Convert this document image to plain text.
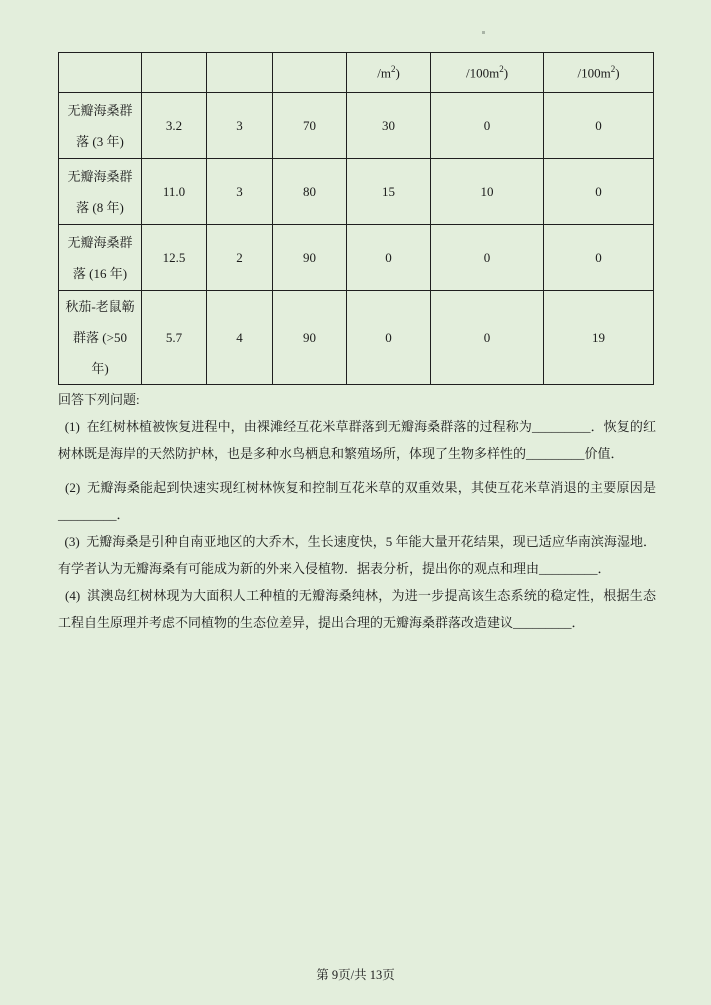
				$/m^2$)	$/100m^2$)	$/100m^2$)

无瓣海桑群
落 (3 年)	3.2	3	70	30	0	0

无瓣海桑群
落 (8 年)	11.0	3	80	15	10	0

无瓣海桑群
落 (16 年)	12.5	2	90	0	0	0

秋茄-老鼠簕
群落 (>50
年)	5.7	4	90	0	0	19

回答下列问题:

(1)  在红树林植被恢复进程中，由裸滩经互花米草群落到无瓣海桑群落的过程称为_________．恢复的红树林既是海岸的天然防护林，也是多种水鸟栖息和繁殖场所，体现了生物多样性的_________价值．

(2)  无瓣海桑能起到快速实现红树林恢复和控制互花米草的双重效果，其使互花米草消退的主要原因是_________．

(3)  无瓣海桑是引种自南亚地区的大乔木，生长速度快，5 年能大量开花结果，现已适应华南滨海湿地．有学者认为无瓣海桑有可能成为新的外来入侵植物．据表分析，提出你的观点和理由_________．

(4)  淇澳岛红树林现为大面积人工种植的无瓣海桑纯林，为进一步提高该生态系统的稳定性，根据生态工程自生原理并考虑不同植物的生态位差异，提出合理的无瓣海桑群落改造建议_________．

第 9页/共 13页
